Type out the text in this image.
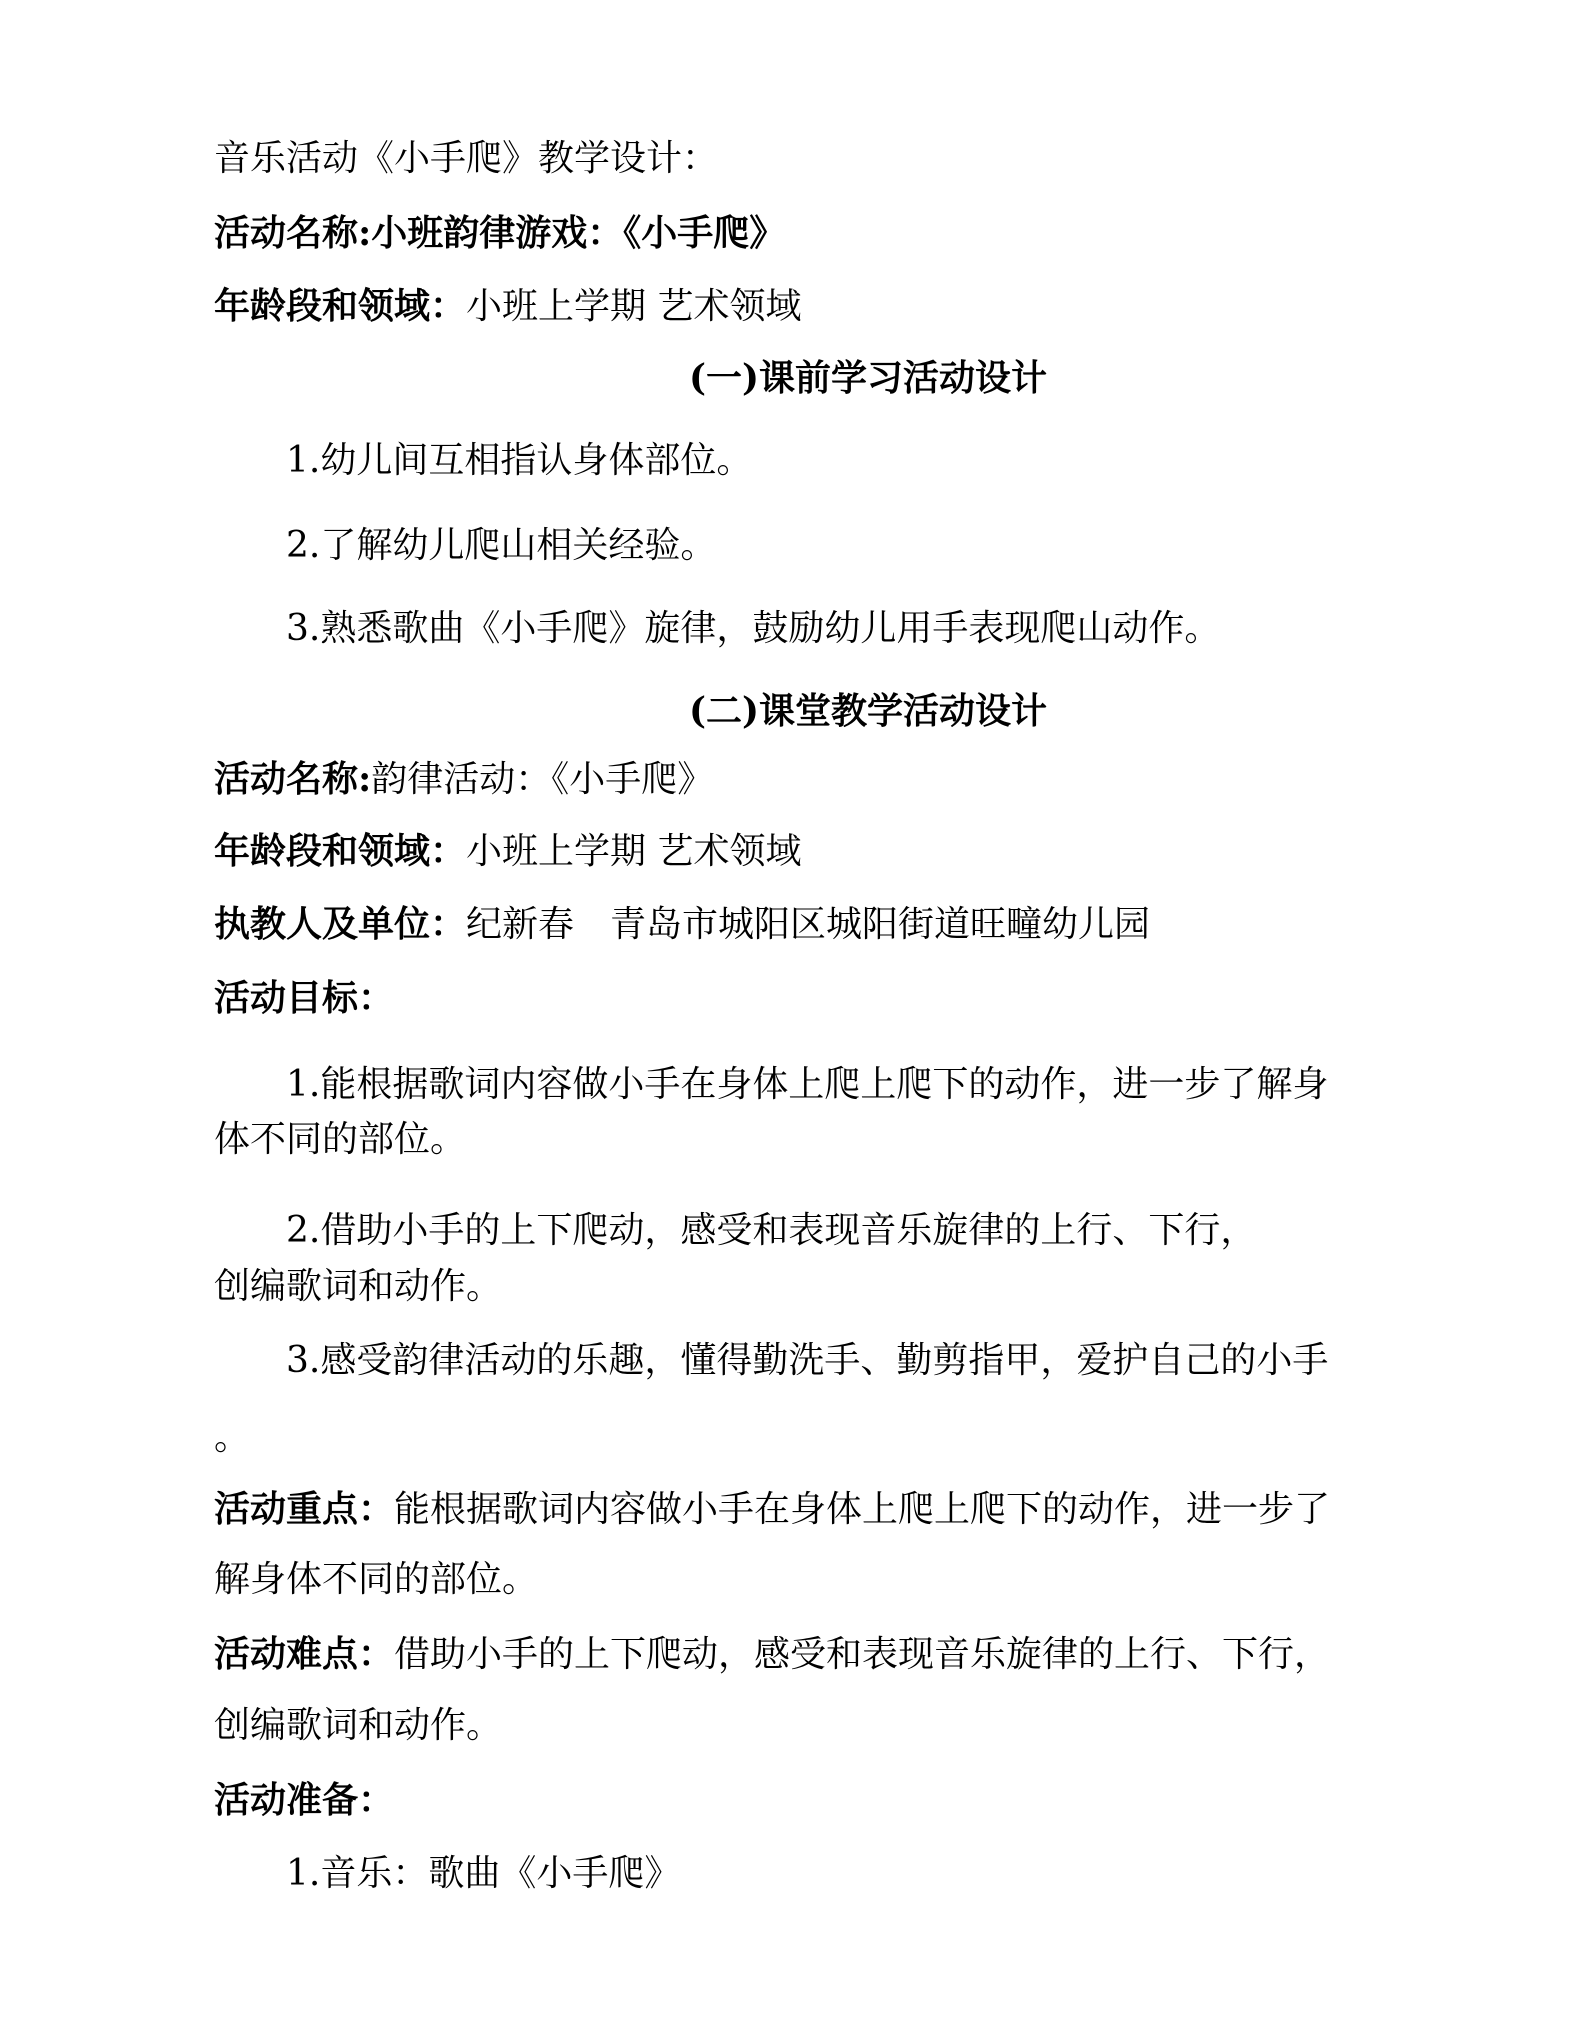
音乐活动《小手爬》教学设计：
活动名称:小班韵律游戏：《小手爬》
年龄段和领域：小班上学期 艺术领域
(一)课前学习活动设计
1.幼儿间互相指认身体部位。
2.了解幼儿爬山相关经验。
3.熟悉歌曲《小手爬》旋律，鼓励幼儿用手表现爬山动作。
(二)课堂教学活动设计
活动名称:韵律活动：《小手爬》
年龄段和领域：小班上学期 艺术领域
执教人及单位：纪新春　青岛市城阳区城阳街道旺疃幼儿园
活动目标：
1.能根据歌词内容做小手在身体上爬上爬下的动作，进一步了解身
体不同的部位。
2.借助小手的上下爬动，感受和表现音乐旋律的上行、下行，
创编歌词和动作。
3.感受韵律活动的乐趣，懂得勤洗手、勤剪指甲，爱护自己的小手
。
活动重点：能根据歌词内容做小手在身体上爬上爬下的动作，进一步了
解身体不同的部位。
活动难点：借助小手的上下爬动，感受和表现音乐旋律的上行、下行，
创编歌词和动作。
活动准备：
1.音乐：歌曲《小手爬》
